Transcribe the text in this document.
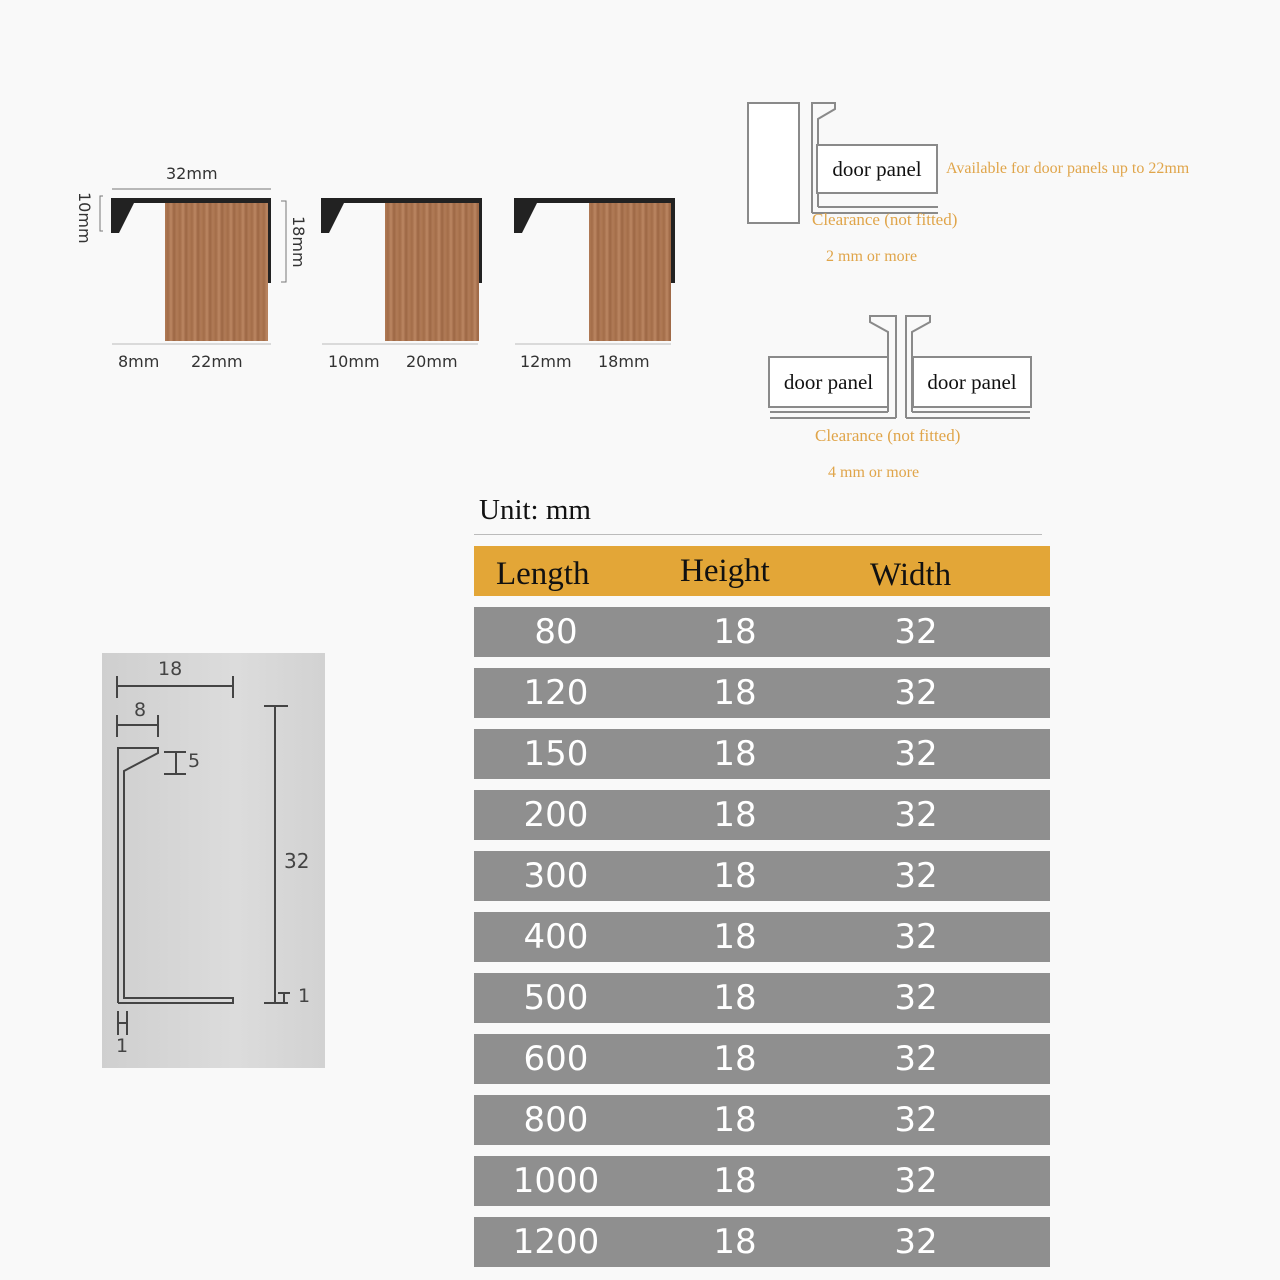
32mm
10mm	18mm
8mm 22mm	10mm 20mm	12mm 18mm
door panel	Available for door panels up to 22mm
Clearance (not fitted)
2 mm or more
door panel	door panel
Clearance (not fitted)
4 mm or more
18
8
5
32
1
1
Unit: mm
Length	Height	Width
80	18	32
120	18	32
150	18	32
200	18	32
300	18	32
400	18	32
500	18	32
600	18	32
800	18	32
1000	18	32
1200	18	32
